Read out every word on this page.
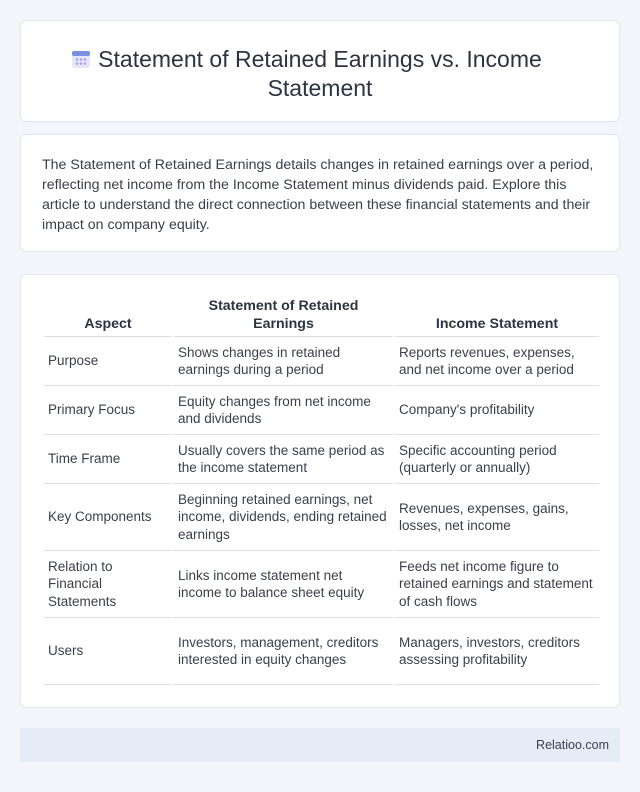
Statement of Retained Earnings vs. Income Statement

The Statement of Retained Earnings details changes in retained earnings over a period, reflecting net income from the Income Statement minus dividends paid. Explore this article to understand the direct connection between these financial statements and their impact on company equity.

Aspect	Statement of Retained Earnings	Income Statement
Purpose	Shows changes in retained earnings during a period	Reports revenues, expenses, and net income over a period
Primary Focus	Equity changes from net income and dividends	Company's profitability
Time Frame	Usually covers the same period as the income statement	Specific accounting period (quarterly or annually)
Key Components	Beginning retained earnings, net income, dividends, ending retained earnings	Revenues, expenses, gains, losses, net income
Relation to Financial Statements	Links income statement net income to balance sheet equity	Feeds net income figure to retained earnings and statement of cash flows
Users	Investors, management, creditors interested in equity changes	Managers, investors, creditors assessing profitability
Relatioo.com
